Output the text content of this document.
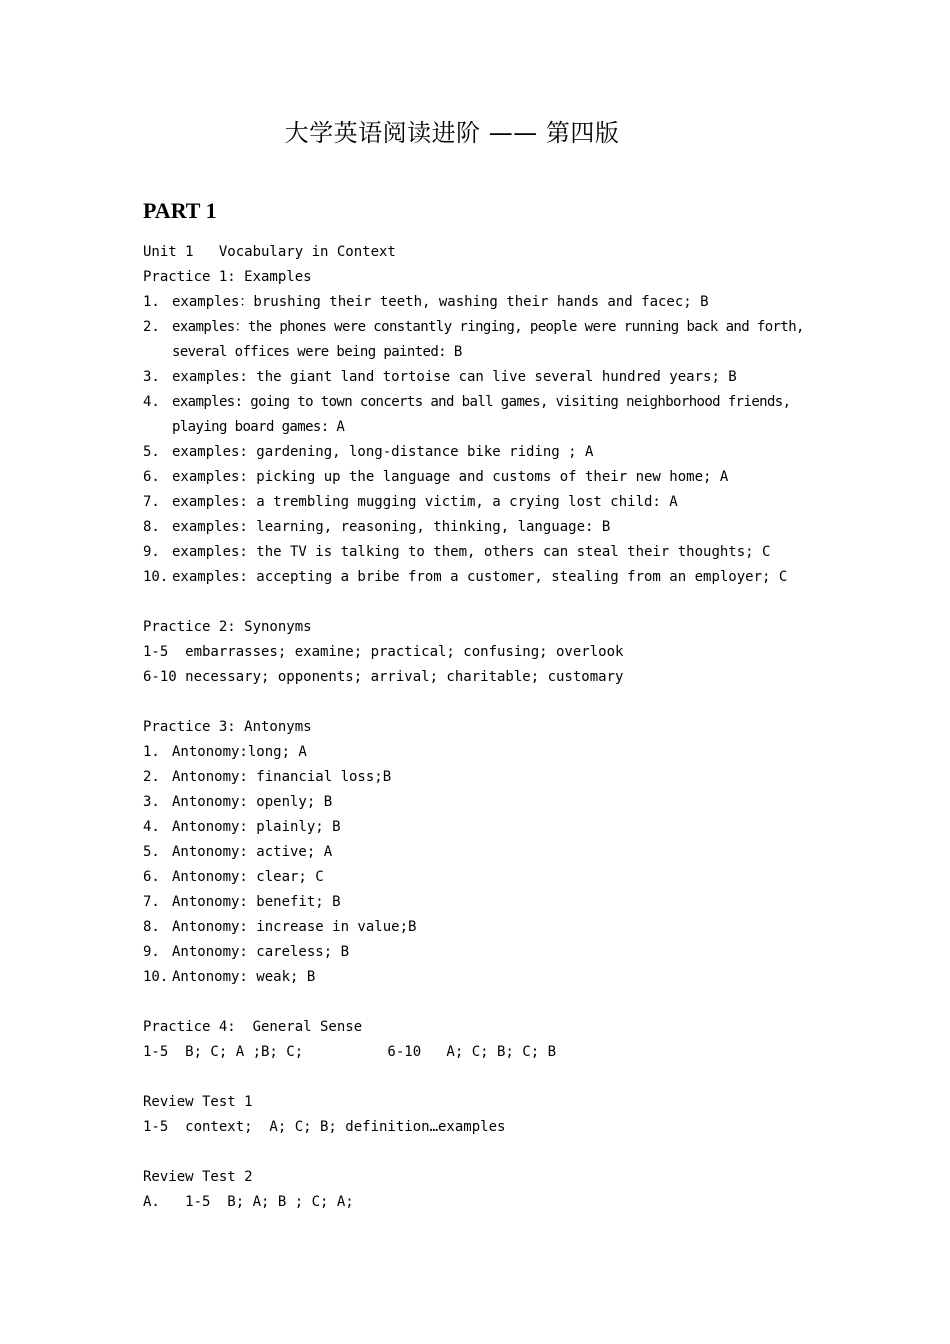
大学英语阅读进阶 —— 第四版
PART 1
Unit 1   Vocabulary in Context
Practice 1: Examples
1. examples：brushing their teeth, washing their hands and facec; B
2. examples：the phones were constantly ringing, people were running back and forth, several offices were being painted: B
3. examples: the giant land tortoise can live several hundred years; B
4. examples: going to town concerts and ball games, visiting neighborhood friends, playing board games: A
5. examples: gardening, long-distance bike riding ; A
6. examples: picking up the language and customs of their new home; A
7. examples: a trembling mugging victim, a crying lost child: A
8. examples: learning, reasoning, thinking, language: B
9. examples: the TV is talking to them, others can steal their thoughts; C
10. examples: accepting a bribe from a customer, stealing from an employer; C
Practice 2: Synonyms
1-5  embarrasses; examine; practical; confusing; overlook
6-10 necessary; opponents; arrival; charitable; customary
Practice 3: Antonyms
1. Antonomy:long; A
2. Antonomy: financial loss;B
3. Antonomy: openly; B
4. Antonomy: plainly; B
5. Antonomy: active; A
6. Antonomy: clear; C
7. Antonomy: benefit; B
8. Antonomy: increase in value;B
9. Antonomy: careless; B
10. Antonomy: weak; B
Practice 4:  General Sense
1-5  B; C; A ;B; C;          6-10   A; C; B; C; B
Review Test 1
1-5  context;  A; C; B; definition…examples
Review Test 2
A.   1-5  B; A; B ; C; A;
